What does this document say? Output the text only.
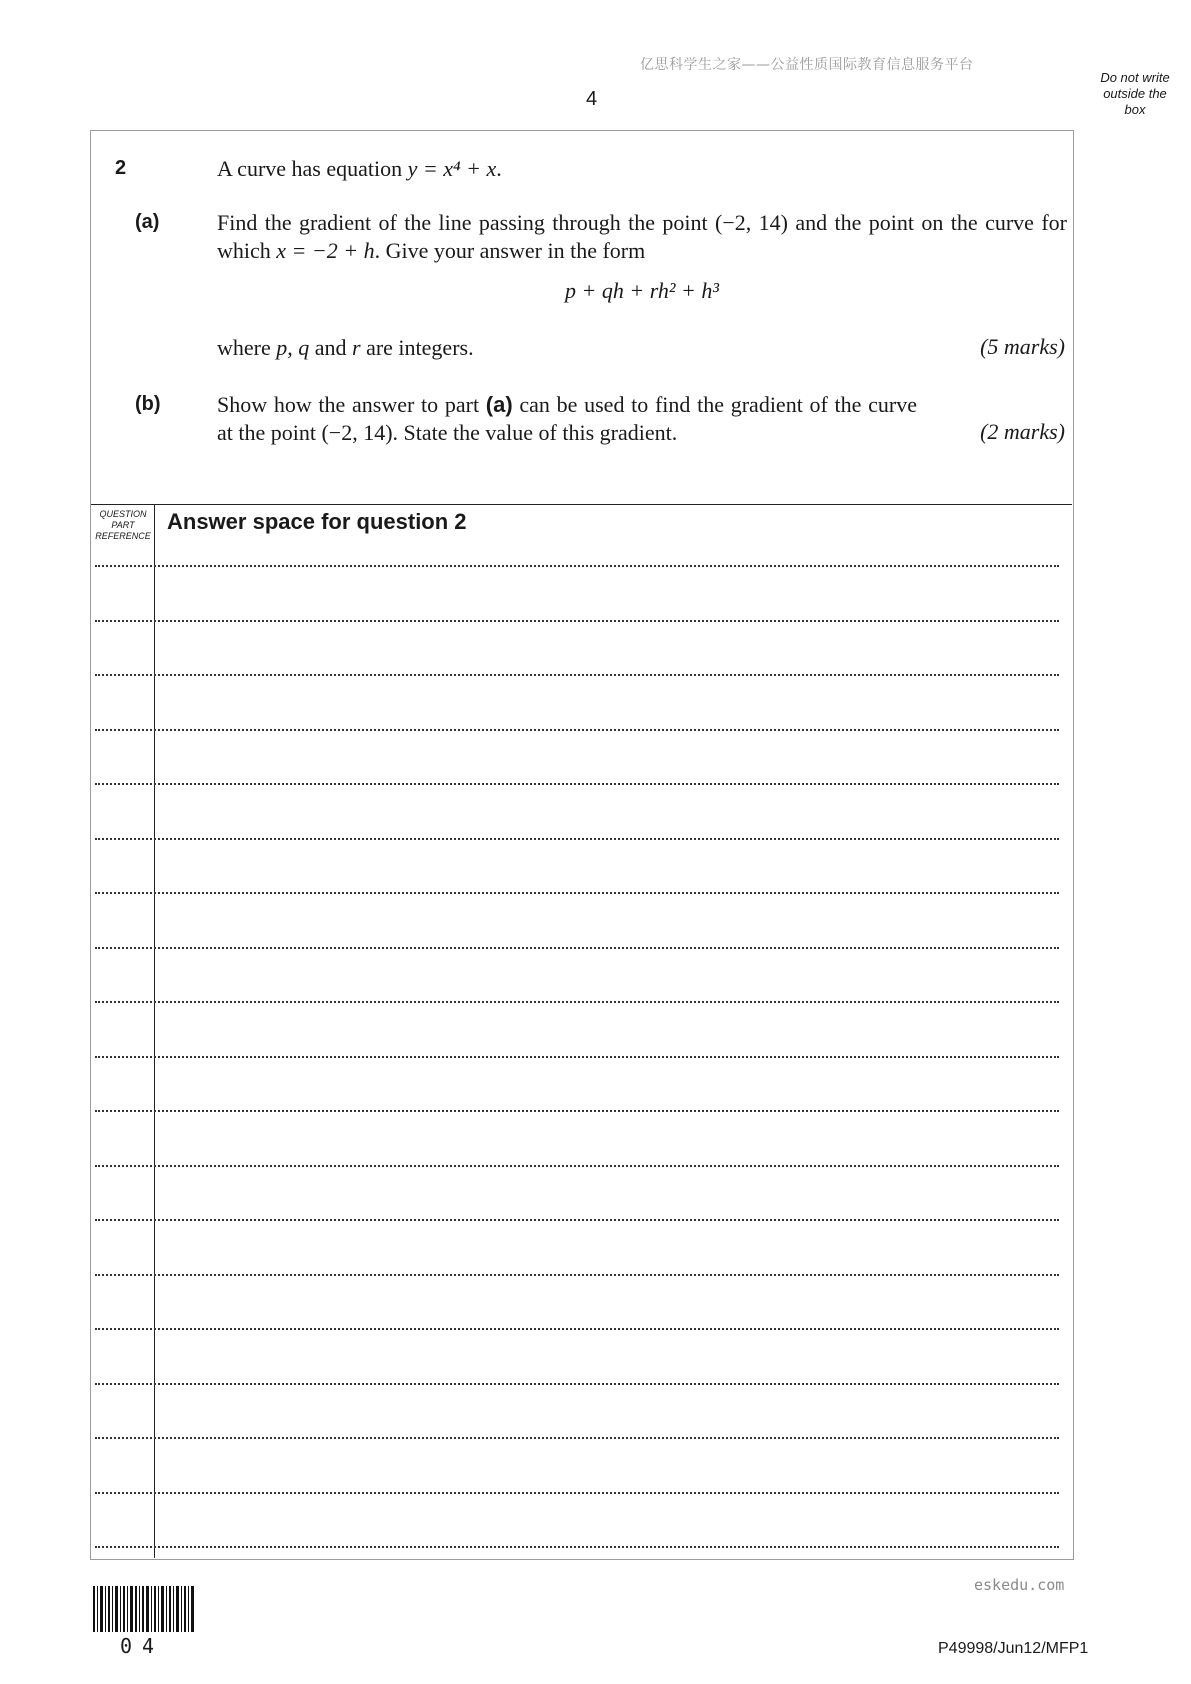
亿思科学生之家——公益性质国际教育信息服务平台
4
Do not write
outside the
box
2	A curve has equation y = x⁴ + x.
(a)	Find the gradient of the line passing through the point (−2, 14) and the point on the curve for which x = −2 + h. Give your answer in the form
p + qh + rh² + h³
where p, q and r are integers.	(5 marks)
(b)	Show how the answer to part (a) can be used to find the gradient of the curve at the point (−2, 14). State the value of this gradient.	(2 marks)
QUESTION
PART
REFERENCE
Answer space for question 2
04
eskedu.com
P49998/Jun12/MFP1
